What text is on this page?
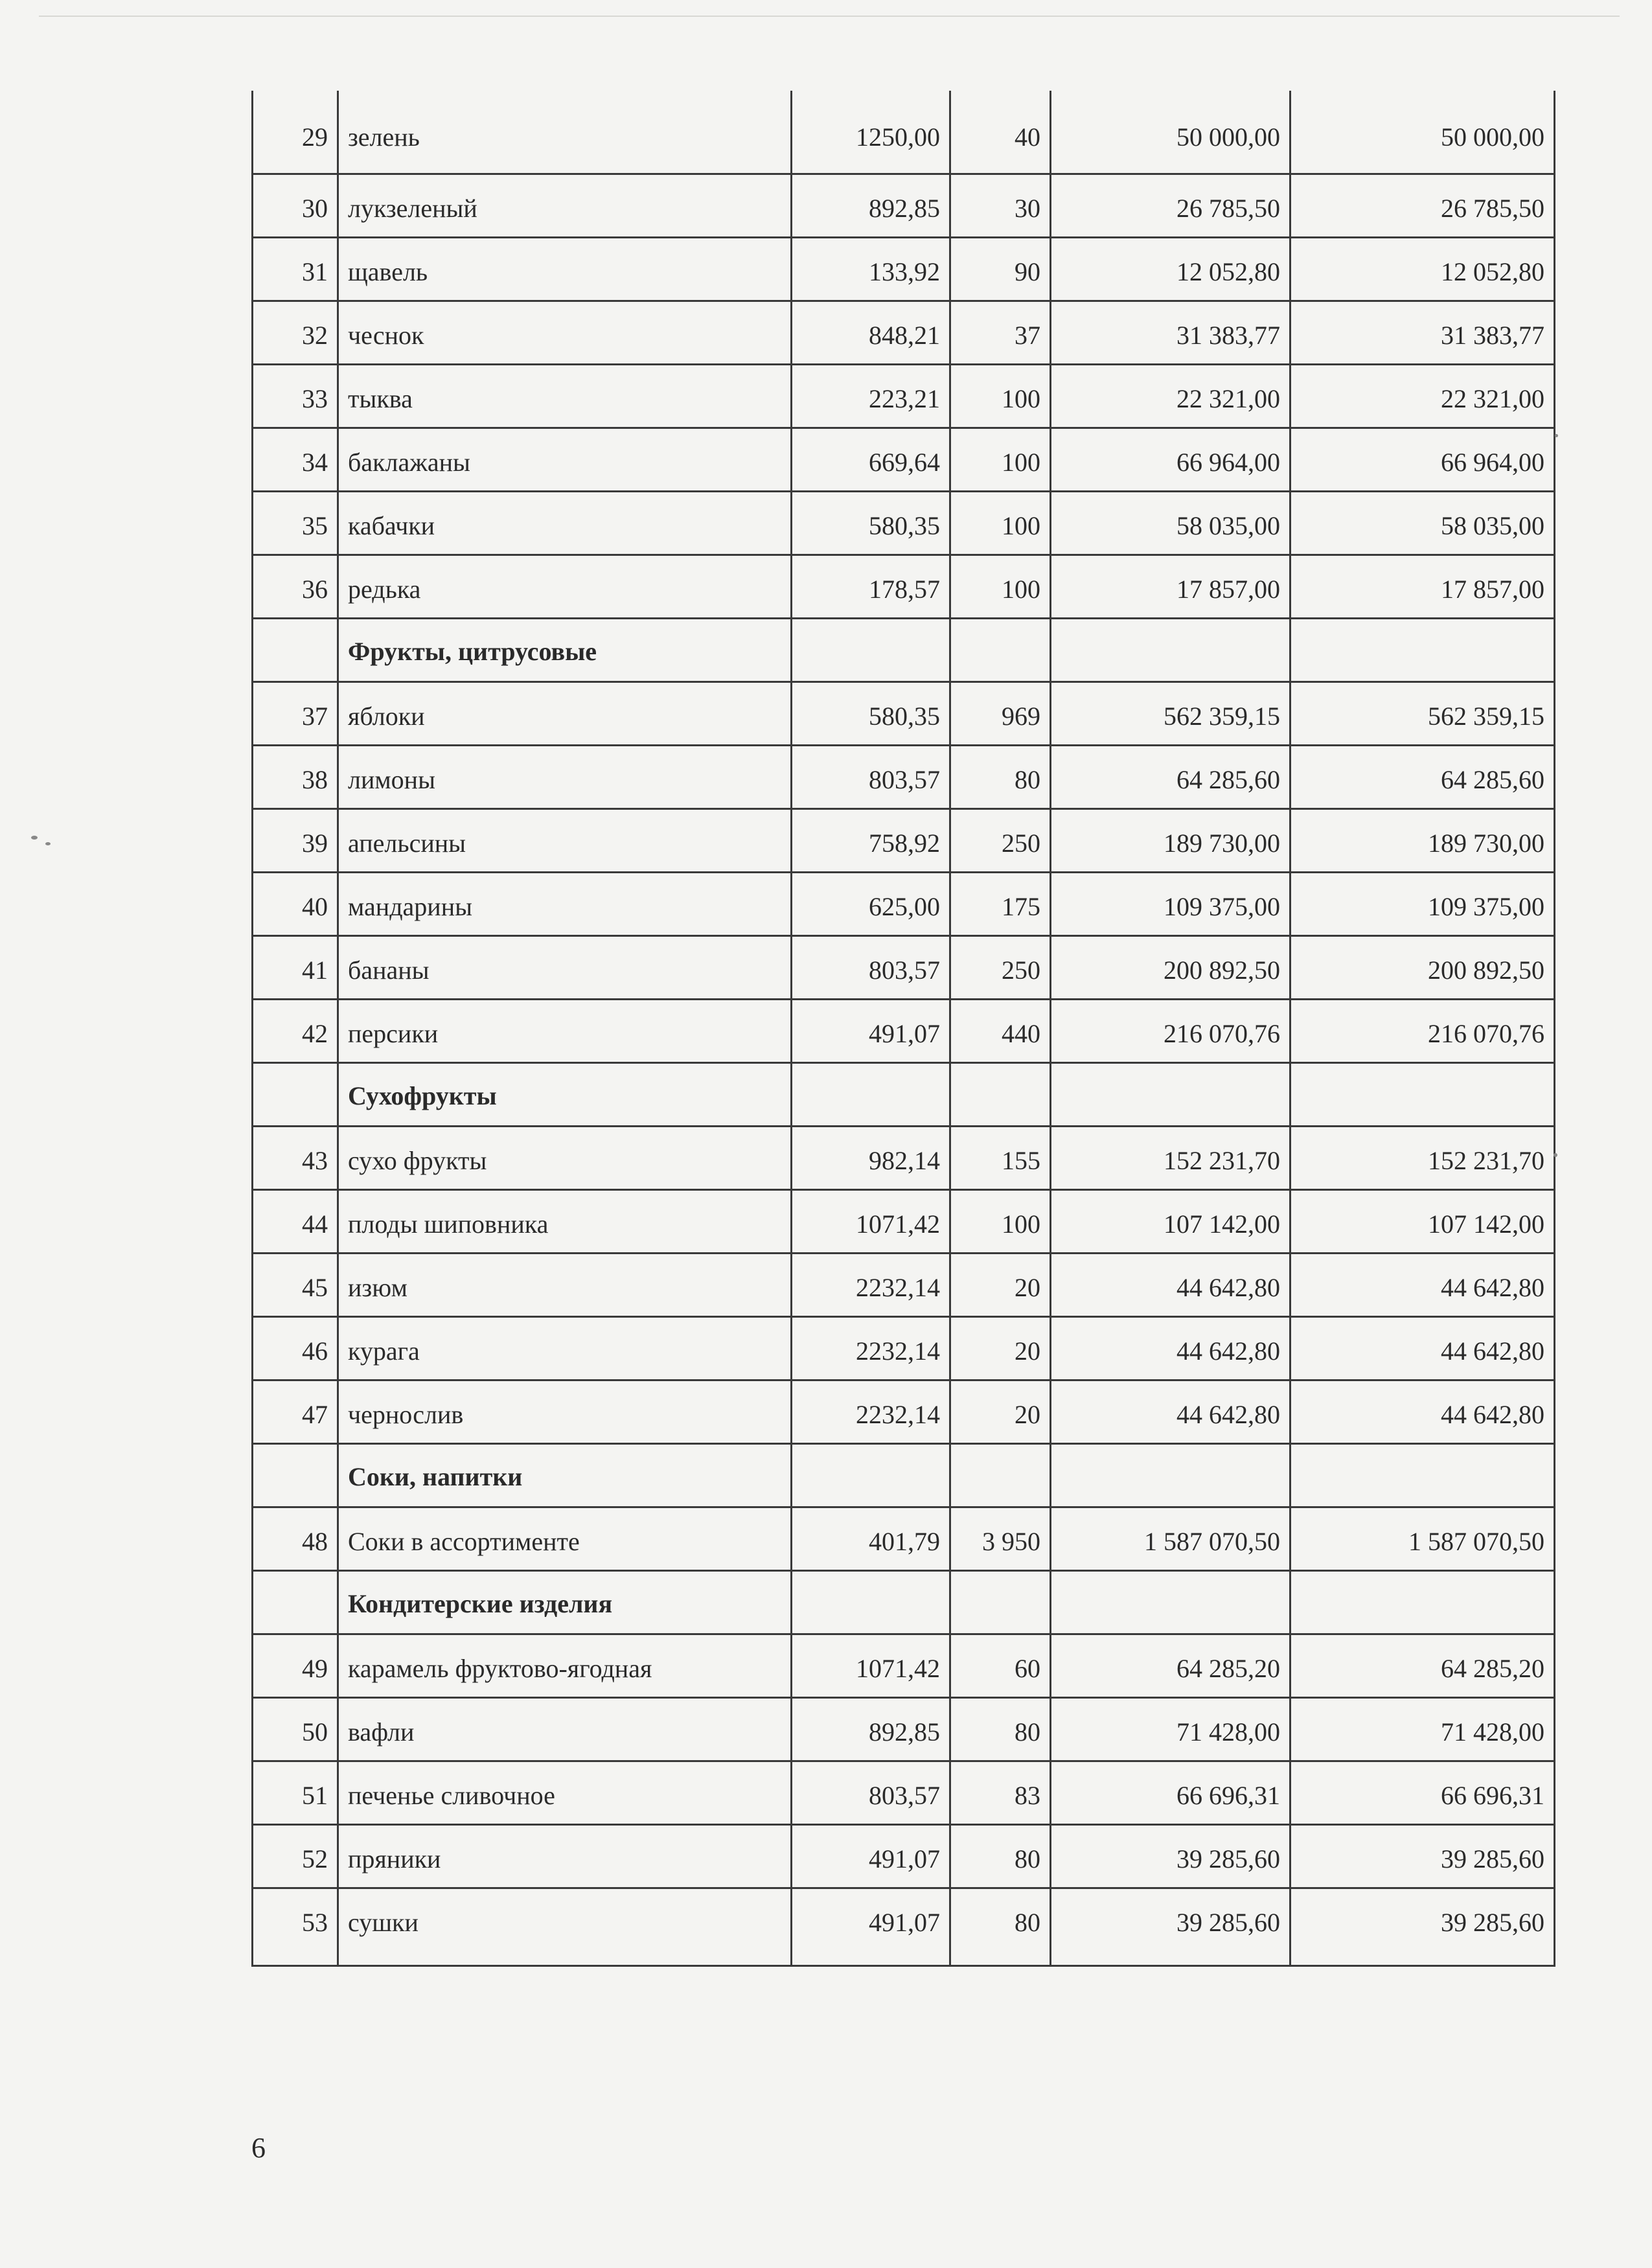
29	зелень	1250,00	40	50 000,00	50 000,00
30	лукзеленый	892,85	30	26 785,50	26 785,50
31	щавель	133,92	90	12 052,80	12 052,80
32	чеснок	848,21	37	31 383,77	31 383,77
33	тыква	223,21	100	22 321,00	22 321,00
34	баклажаны	669,64	100	66 964,00	66 964,00
35	кабачки	580,35	100	58 035,00	58 035,00
36	редька	178,57	100	17 857,00	17 857,00
	Фрукты, цитрусовые				
37	яблоки	580,35	969	562 359,15	562 359,15
38	лимоны	803,57	80	64 285,60	64 285,60
39	апельсины	758,92	250	189 730,00	189 730,00
40	мандарины	625,00	175	109 375,00	109 375,00
41	бананы	803,57	250	200 892,50	200 892,50
42	персики	491,07	440	216 070,76	216 070,76
	Сухофрукты				
43	сухо фрукты	982,14	155	152 231,70	152 231,70
44	плоды шиповника	1071,42	100	107 142,00	107 142,00
45	изюм	2232,14	20	44 642,80	44 642,80
46	курага	2232,14	20	44 642,80	44 642,80
47	чернослив	2232,14	20	44 642,80	44 642,80
	Соки, напитки				
48	Соки в ассортименте	401,79	3 950	1 587 070,50	1 587 070,50
	Кондитерские изделия				
49	карамель фруктово-ягодная	1071,42	60	64 285,20	64 285,20
50	вафли	892,85	80	71 428,00	71 428,00
51	печенье сливочное	803,57	83	66 696,31	66 696,31
52	пряники	491,07	80	39 285,60	39 285,60
53	сушки	491,07	80	39 285,60	39 285,60
6
